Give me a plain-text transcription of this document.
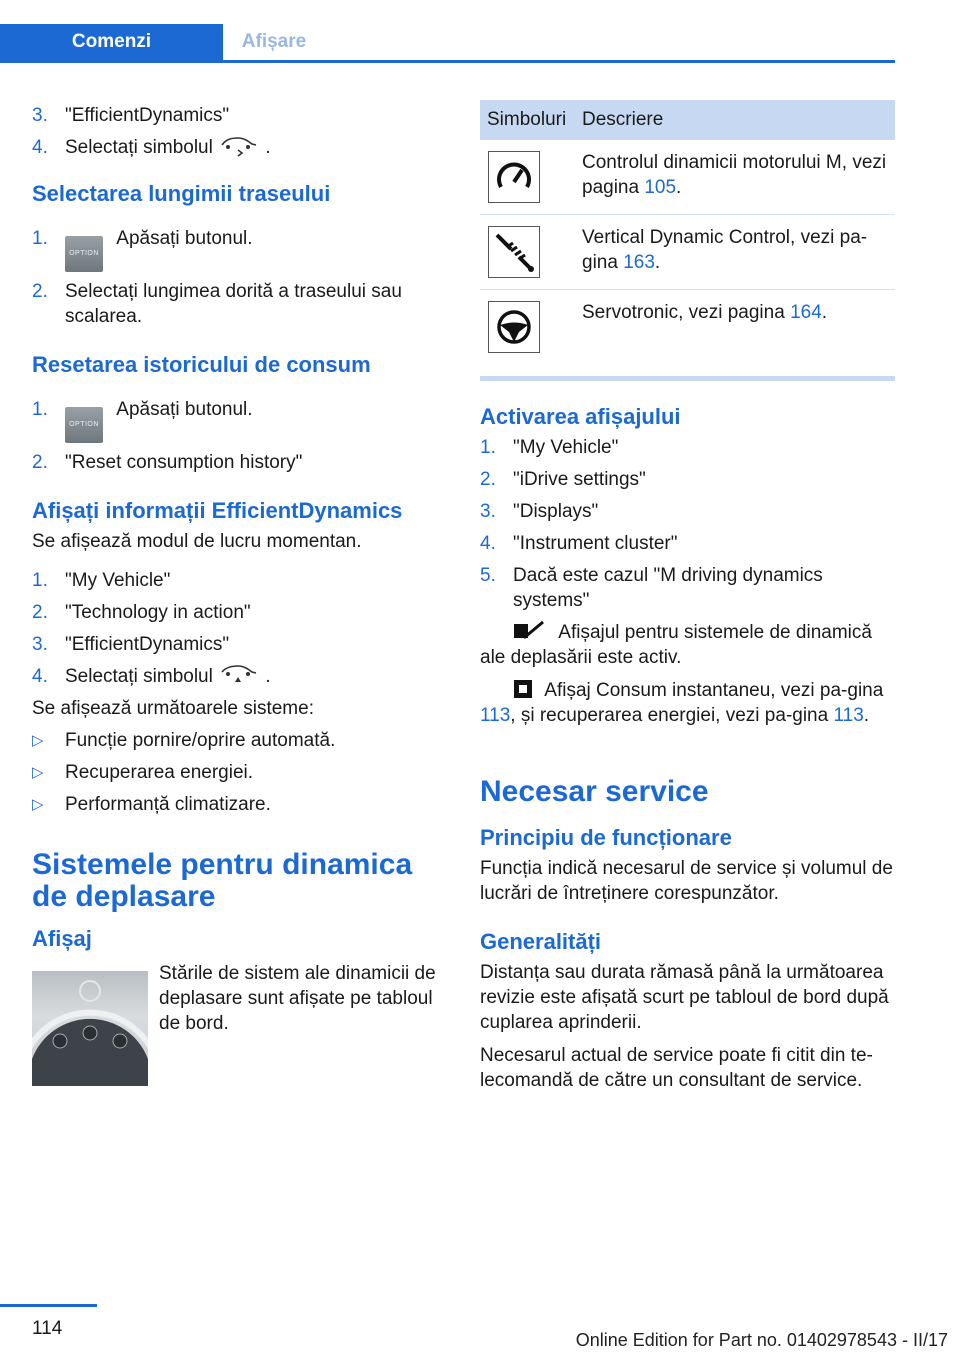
Comenzi	Afișare
3. "EfficientDynamics"
4. Selectați simbolul	.
Selectarea lungimii traseului
1.
OPTION Apăsați butonul.
2. Selectați lungimea dorită a traseului sau scalarea.
Resetarea istoricului de consum
1.
OPTION Apăsați butonul.
2. "Reset consumption history"
Afișați informații EfficientDynamics

Se afișează modul de lucru momentan.

1. "My Vehicle"
2. "Technology in action"
3. "EfficientDynamics"
4. Selectați simbolul	.

Se afișează următoarele sisteme:

▷ Funcție pornire/oprire automată.
▷ Recuperarea energiei.
▷ Performanță climatizare.
Sistemele pentru dinamica de deplasare
Afișaj

Stările de sistem ale dinamicii de deplasare sunt afișate pe tabloul de bord.

Simboluri	Descriere

	Controlul dinamicii motorului M, vezi pagina 105.

	Vertical Dynamic Control, vezi pa-gina 163.

	Servotronic, vezi pagina 164.
Activarea afișajului
1. "My Vehicle"
2. "iDrive settings"
3. "Displays"
4. "Instrument cluster"
5. Dacă este cazul "M driving dynamics systems"
Afișajul pentru sistemele de dinamică ale deplasării este activ.
Afișaj Consum instantaneu, vezi pa-gina 113, și recuperarea energiei, vezi pa-gina 113.
Necesar service
Principiu de funcționare

Funcția indică necesarul de service și volumul de lucrări de întreținere corespunzător.

Generalități

Distanța sau durata rămasă până la următoarea revizie este afișată scurt pe tabloul de bord după cuplarea aprinderii.

Necesarul actual de service poate fi citit din te-lecomandă de către un consultant de service.

114
Online Edition for Part no. 01402978543 - II/17
